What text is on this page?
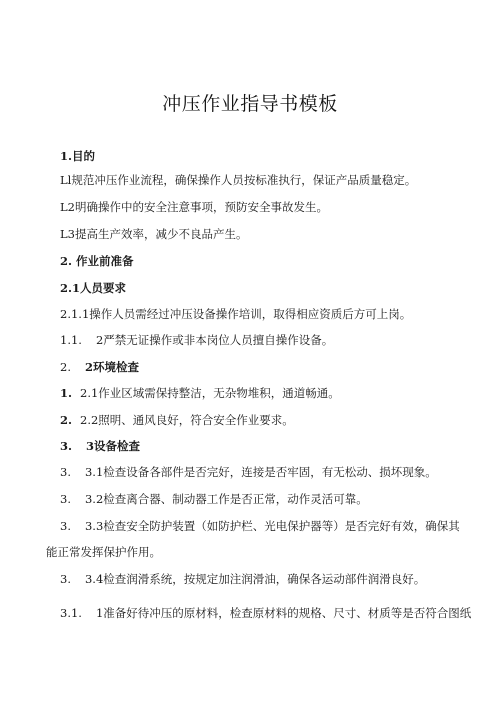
冲压作业指导书模板
1.目的
Ll规范冲压作业流程，确保操作人员按标准执行，保证产品质量稳定。
L2明确操作中的安全注意事项，预防安全事故发生。
L3提高生产效率，减少不良品产生。
2. 作业前准备
2.1人员要求
2.1.1操作人员需经过冲压设备操作培训，取得相应资质后方可上岗。
1.1. 2严禁无证操作或非本岗位人员擅自操作设备。
2. 2环境检查
1. 2.1作业区域需保持整洁，无杂物堆积，通道畅通。
2. 2.2照明、通风良好，符合安全作业要求。
3. 3设备检查
3. 3.1检查设备各部件是否完好，连接是否牢固，有无松动、损坏现象。
3. 3.2检查离合器、制动器工作是否正常，动作灵活可靠。
3. 3.3检查安全防护装置（如防护栏、光电保护器等）是否完好有效，确保其
能正常发挥保护作用。
3. 3.4检查润滑系统，按规定加注润滑油，确保各运动部件润滑良好。
3.1. 1准备好待冲压的原材料，检查原材料的规格、尺寸、材质等是否符合图纸
